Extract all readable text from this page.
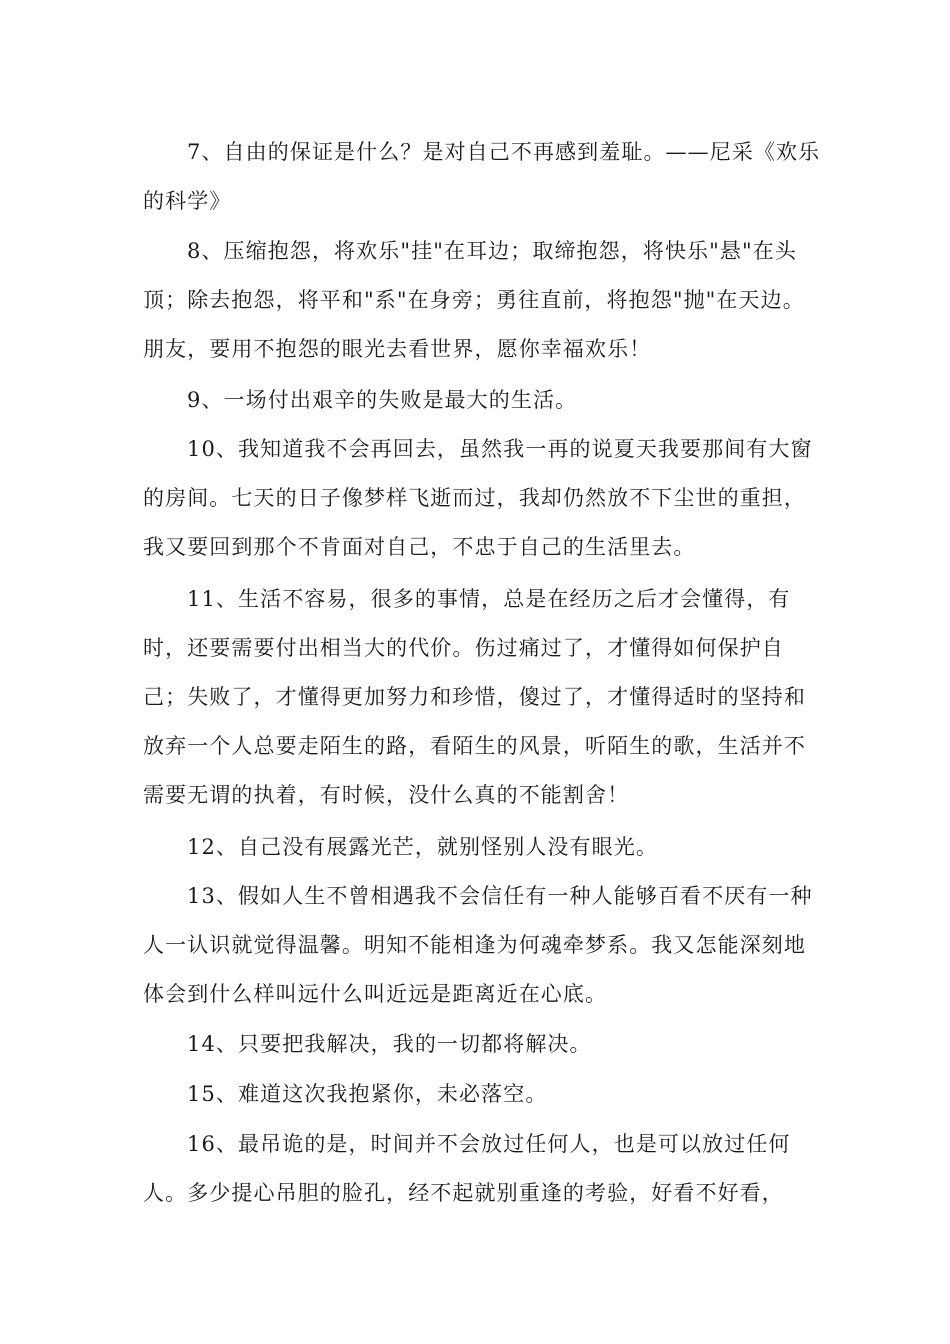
7、自由的保证是什么？是对自己不再感到羞耻。——尼采《欢乐的科学》

8、压缩抱怨，将欢乐"挂"在耳边；取缔抱怨，将快乐"悬"在头顶；除去抱怨，将平和"系"在身旁；勇往直前，将抱怨"抛"在天边。朋友，要用不抱怨的眼光去看世界，愿你幸福欢乐！

9、一场付出艰辛的失败是最大的生活。

10、我知道我不会再回去，虽然我一再的说夏天我要那间有大窗的房间。七天的日子像梦样飞逝而过，我却仍然放不下尘世的重担，我又要回到那个不肯面对自己，不忠于自己的生活里去。

11、生活不容易，很多的事情，总是在经历之后才会懂得，有时，还要需要付出相当大的代价。伤过痛过了，才懂得如何保护自己；失败了，才懂得更加努力和珍惜，傻过了，才懂得适时的坚持和放弃一个人总要走陌生的路，看陌生的风景，听陌生的歌，生活并不需要无谓的执着，有时候，没什么真的不能割舍！

12、自己没有展露光芒，就别怪别人没有眼光。

13、假如人生不曾相遇我不会信任有一种人能够百看不厌有一种人一认识就觉得温馨。明知不能相逢为何魂牵梦系。我又怎能深刻地体会到什么样叫远什么叫近远是距离近在心底。

14、只要把我解决，我的一切都将解决。

15、难道这次我抱紧你，未必落空。

16、最吊诡的是，时间并不会放过任何人，也是可以放过任何人。多少提心吊胆的脸孔，经不起就别重逢的考验，好看不好看，
